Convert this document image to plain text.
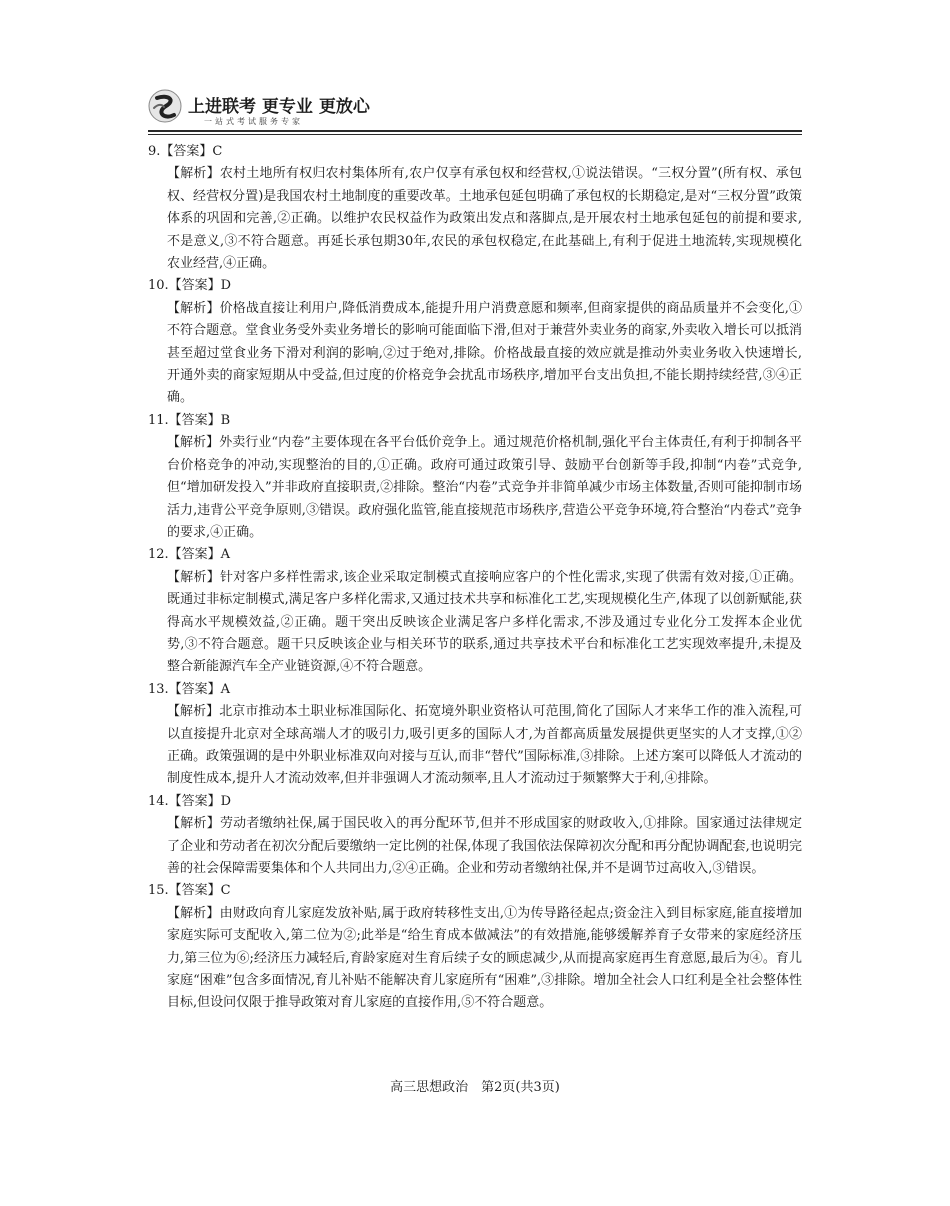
上进联考 更专业 更放心
一站式考试服务专家

9.【答案】C

【解析】农村土地所有权归农村集体所有,农户仅享有承包权和经营权,①说法错误。“三权分置”(所有权、承包权、经营权分置)是我国农村土地制度的重要改革。土地承包延包明确了承包权的长期稳定,是对“三权分置”政策体系的巩固和完善,②正确。以维护农民权益作为政策出发点和落脚点,是开展农村土地承包延包的前提和要求,不是意义,③不符合题意。再延长承包期30年,农民的承包权稳定,在此基础上,有利于促进土地流转,实现规模化农业经营,④正确。

10.【答案】D

【解析】价格战直接让利用户,降低消费成本,能提升用户消费意愿和频率,但商家提供的商品质量并不会变化,①不符合题意。堂食业务受外卖业务增长的影响可能面临下滑,但对于兼营外卖业务的商家,外卖收入增长可以抵消甚至超过堂食业务下滑对利润的影响,②过于绝对,排除。价格战最直接的效应就是推动外卖业务收入快速增长,开通外卖的商家短期从中受益,但过度的价格竞争会扰乱市场秩序,增加平台支出负担,不能长期持续经营,③④正确。

11.【答案】B

【解析】外卖行业“内卷”主要体现在各平台低价竞争上。通过规范价格机制,强化平台主体责任,有利于抑制各平台价格竞争的冲动,实现整治的目的,①正确。政府可通过政策引导、鼓励平台创新等手段,抑制“内卷”式竞争,但“增加研发投入”并非政府直接职责,②排除。整治“内卷”式竞争并非简单减少市场主体数量,否则可能抑制市场活力,违背公平竞争原则,③错误。政府强化监管,能直接规范市场秩序,营造公平竞争环境,符合整治“内卷式”竞争的要求,④正确。

12.【答案】A

【解析】针对客户多样性需求,该企业采取定制模式直接响应客户的个性化需求,实现了供需有效对接,①正确。既通过非标定制模式,满足客户多样化需求,又通过技术共享和标准化工艺,实现规模化生产,体现了以创新赋能,获得高水平规模效益,②正确。题干突出反映该企业满足客户多样化需求,不涉及通过专业化分工发挥本企业优势,③不符合题意。题干只反映该企业与相关环节的联系,通过共享技术平台和标准化工艺实现效率提升,未提及整合新能源汽车全产业链资源,④不符合题意。

13.【答案】A

【解析】北京市推动本土职业标准国际化、拓宽境外职业资格认可范围,简化了国际人才来华工作的准入流程,可以直接提升北京对全球高端人才的吸引力,吸引更多的国际人才,为首都高质量发展提供更坚实的人才支撑,①②正确。政策强调的是中外职业标准双向对接与互认,而非“替代”国际标准,③排除。上述方案可以降低人才流动的制度性成本,提升人才流动效率,但并非强调人才流动频率,且人才流动过于频繁弊大于利,④排除。

14.【答案】D

【解析】劳动者缴纳社保,属于国民收入的再分配环节,但并不形成国家的财政收入,①排除。国家通过法律规定了企业和劳动者在初次分配后要缴纳一定比例的社保,体现了我国依法保障初次分配和再分配协调配套,也说明完善的社会保障需要集体和个人共同出力,②④正确。企业和劳动者缴纳社保,并不是调节过高收入,③错误。

15.【答案】C

【解析】由财政向育儿家庭发放补贴,属于政府转移性支出,①为传导路径起点;资金注入到目标家庭,能直接增加家庭实际可支配收入,第二位为②;此举是“给生育成本做减法”的有效措施,能够缓解养育子女带来的家庭经济压力,第三位为⑥;经济压力减轻后,育龄家庭对生育后续子女的顾虑减少,从而提高家庭再生育意愿,最后为④。育儿家庭“困难”包含多面情况,育儿补贴不能解决育儿家庭所有“困难”,③排除。增加全社会人口红利是全社会整体性目标,但设问仅限于推导政策对育儿家庭的直接作用,⑤不符合题意。

高三思想政治　第2页(共3页)
